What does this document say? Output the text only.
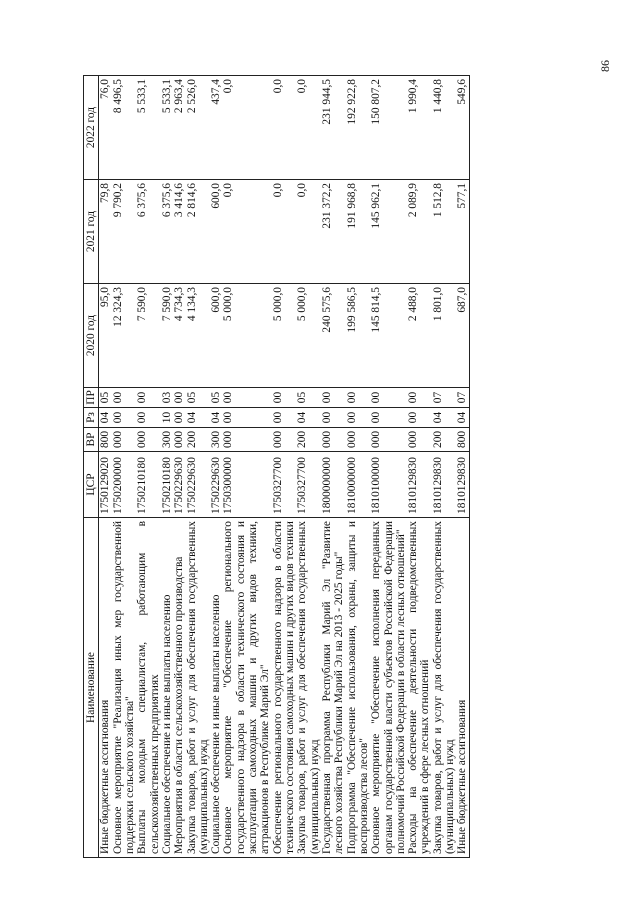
86
Наименование	ЦСР	ВР	Рз	ПР	2020 год	2021 год	2022 год
Иные бюджетные ассигнования	1750129020	800	04	05	95,0	79,8	76,0
Основное мероприятие "Реализация иных мер государственной поддержки сельского хозяйства"	1750200000	000	00	00	12 324,3	9 790,2	8 496,5
Выплаты молодым специалистам, работающим в сельскохозяйственных предприятиях	1750210180	000	00	00	7 590,0	6 375,6	5 533,1
Социальное обеспечение и иные выплаты населению	1750210180	300	10	03	7 590,0	6 375,6	5 533,1
Мероприятия в области сельскохозяйственного производства	1750229630	000	00	00	4 734,3	3 414,6	2 963,4
Закупка товаров, работ и услуг для обеспечения государственных (муниципальных) нужд	1750229630	200	04	05	4 134,3	2 814,6	2 526,0
Социальное обеспечение и иные выплаты населению	1750229630	300	04	05	600,0	600,0	437,4
Основное мероприятие "Обеспечение регионального государственного надзора в области технического состояния и эксплуатации самоходных машин и других видов техники, аттракционов в Республике Марий Эл"	1750300000	000	00	00	5 000,0	0,0	0,0
Обеспечение регионального государственного надзора в области технического состояния самоходных машин и других видов техники	1750327700	000	00	00	5 000,0	0,0	0,0
Закупка товаров, работ и услуг для обеспечения государственных (муниципальных) нужд	1750327700	200	04	05	5 000,0	0,0	0,0
Государственная программа Республики Марий Эл "Развитие лесного хозяйства Республики Марий Эл на 2013 - 2025 годы"	1800000000	000	00	00	240 575,6	231 372,2	231 944,5
Подпрограмма "Обеспечение использования, охраны, защиты и воспроизводства лесов"	1810000000	000	00	00	199 586,5	191 968,8	192 922,8
Основное мероприятие "Обеспечение исполнения переданных органам государственной власти субъектов Российской Федерации полномочий Российской Федерации в области лесных отношений"	1810100000	000	00	00	145 814,5	145 962,1	150 807,2
Расходы на обеспечение деятельности подведомственных учреждений в сфере лесных отношений	1810129830	000	00	00	2 488,0	2 089,9	1 990,4
Закупка товаров, работ и услуг для обеспечения государственных (муниципальных) нужд	1810129830	200	04	07	1 801,0	1 512,8	1 440,8
Иные бюджетные ассигнования	1810129830	800	04	07	687,0	577,1	549,6
